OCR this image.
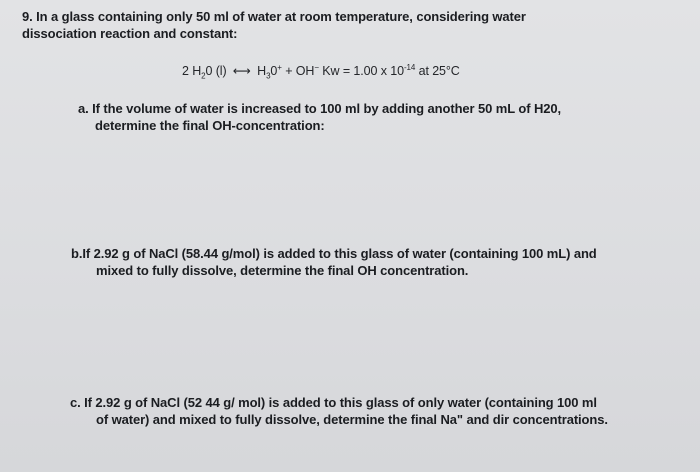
9. In a glass containing only 50 ml of water at room temperature, considering water
dissociation reaction and constant:
2 $H_20$ (l) ⟷ $H_30^+ + OH^-$ Kw = 1.00 x $10^{-14}$ at 25°C
a. If the volume of water is increased to 100 ml by adding another 50 mL of H20,
determine the final OH-concentration:
b.If 2.92 g of NaCl (58.44 g/mol) is added to this glass of water (containing 100 mL) and
mixed to fully dissolve, determine the final OH concentration.
c. If 2.92 g of NaCl (52 44 g/ mol) is added to this glass of only water (containing 100 ml
of water) and mixed to fully dissolve, determine the final Na" and dir concentrations.
